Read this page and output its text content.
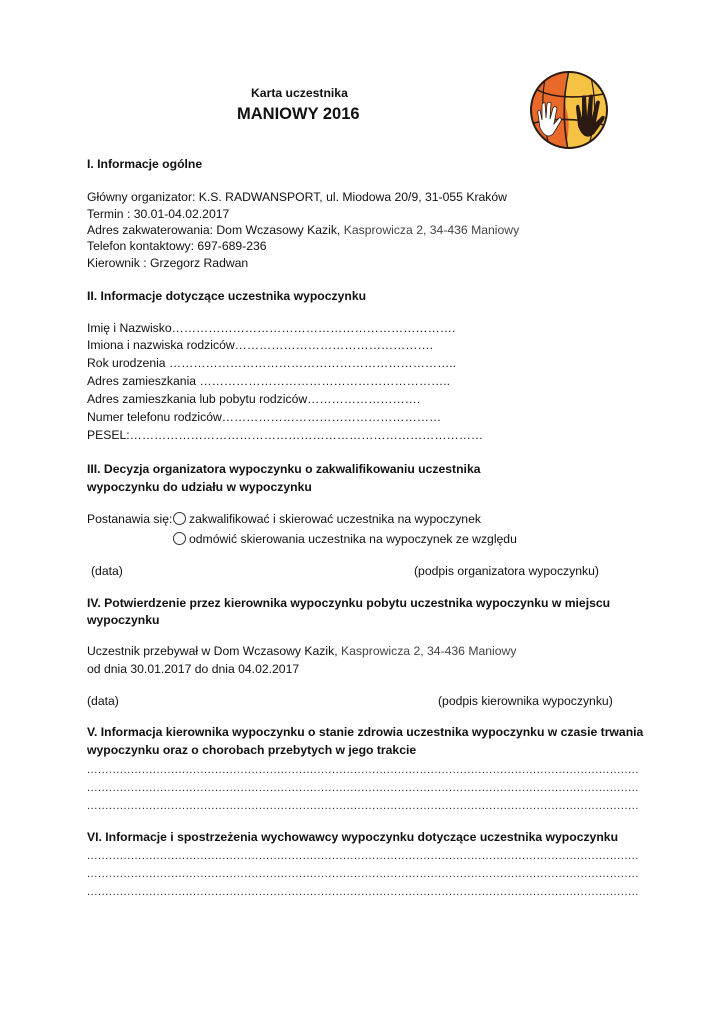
Karta uczestnika
MANIOWY 2016
I. Informacje ogólne
Główny organizator: K.S. RADWANSPORT, ul. Miodowa 20/9, 31-055 Kraków
Termin : 30.01-04.02.2017
Adres zakwaterowania: Dom Wczasowy Kazik, Kasprowicza 2, 34-436 Maniowy
Telefon kontaktowy: 697-689-236
Kierownik : Grzegorz Radwan
II. Informacje dotyczące uczestnika wypoczynku
Imię i Nazwisko…………………………………………………………….
Imiona i nazwiska rodziców………………………………………….
Rok urodzenia ……………………………………………………………..
Adres zamieszkania ……………………………………………………..
Adres zamieszkania lub pobytu rodziców……………………….
Numer telefonu rodziców………………………………………………
PESEL:……………………………………………………………………………
III. Decyzja organizatora wypoczynku o zakwalifikowaniu uczestnika
wypoczynku do udziału w wypoczynku
Postanawia się:	zakwalifikować i skierować uczestnika na wypoczynek
odmówić skierowania uczestnika na wypoczynek ze względu
(data)	(podpis organizatora wypoczynku)
IV. Potwierdzenie przez kierownika wypoczynku pobytu uczestnika wypoczynku w miejscu
wypoczynku
Uczestnik przebywał w Dom Wczasowy Kazik, Kasprowicza 2, 34-436 Maniowy
od dnia 30.01.2017 do dnia 04.02.2017
(data)	(podpis kierownika wypoczynku)
V. Informacja kierownika wypoczynku o stanie zdrowia uczestnika wypoczynku w czasie trwania
wypoczynku oraz o chorobach przebytych w jego trakcie
.......................................................................................................................................................
.......................................................................................................................................................
.......................................................................................................................................................
VI. Informacje i spostrzeżenia wychowawcy wypoczynku dotyczące uczestnika wypoczynku
.......................................................................................................................................................
.......................................................................................................................................................
.......................................................................................................................................................
